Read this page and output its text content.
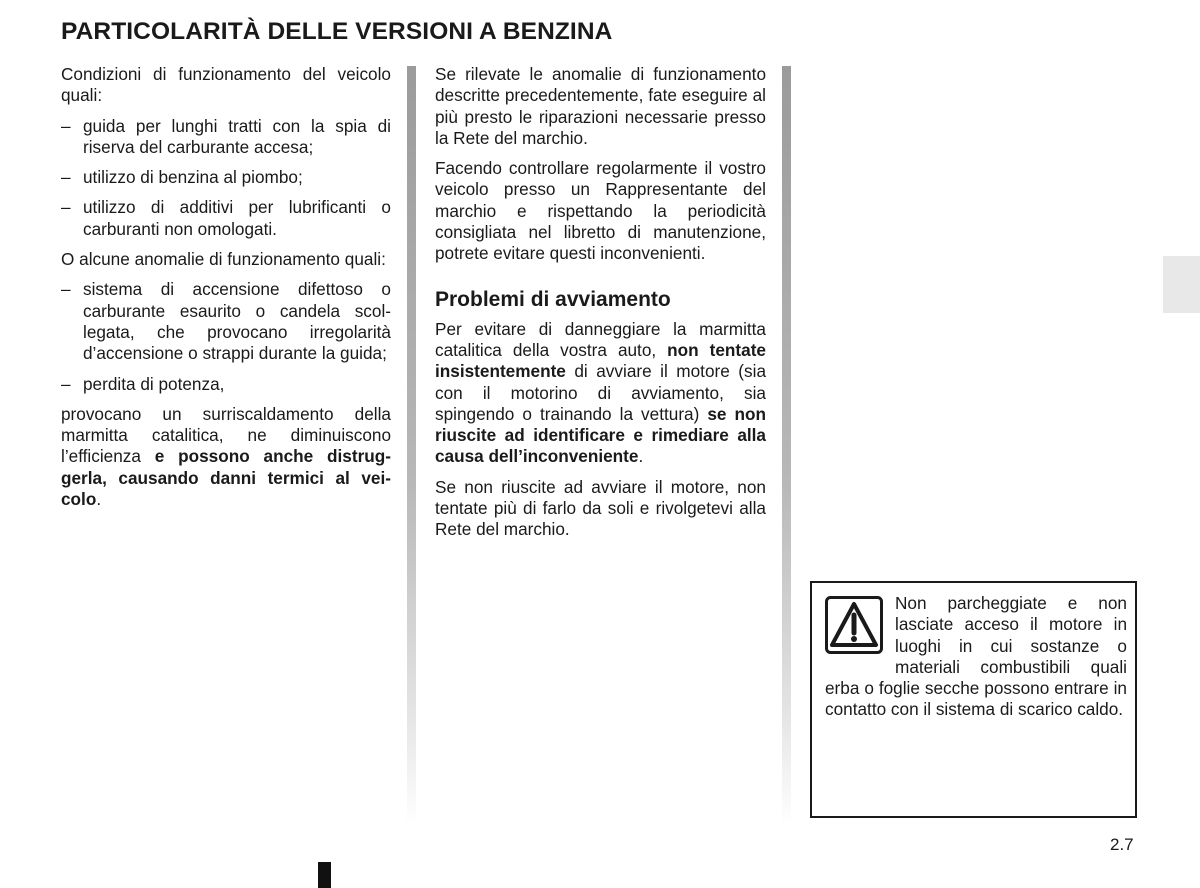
PARTICOLARITÀ DELLE VERSIONI A BENZINA

Condizioni di funzionamento del veicolo quali:

– guida per lunghi tratti con la spia di riserva del carburante accesa;
– utilizzo di benzina al piombo;
– utilizzo di additivi per lubrificanti o carburanti non omologati.

O alcune anomalie di funzionamento quali:

– sistema di accensione difettoso o carburante esaurito o candela scollegata, che provocano irregolarità d’accensione o strappi durante la guida;
– perdita di potenza,

provocano un surriscaldamento della marmitta catalitica, ne diminuiscono l’efficienza e possono anche distruggerla, causando danni termici al veicolo.

Se rilevate le anomalie di funzionamento descritte precedentemente, fate eseguire al più presto le riparazioni necessarie presso la Rete del marchio.

Facendo controllare regolarmente il vostro veicolo presso un Rappresentante del marchio e rispettando la periodicità consigliata nel libretto di manutenzione, potrete evitare questi inconvenienti.

Problemi di avviamento

Per evitare di danneggiare la marmitta catalitica della vostra auto, non tentate insistentemente di avviare il motore (sia con il motorino di avviamento, sia spingendo o trainando la vettura) se non riuscite ad identificare e rimediare alla causa dell’inconveniente.

Se non riuscite ad avviare il motore, non tentate più di farlo da soli e rivolgetevi alla Rete del marchio.

Non parcheggiate e non lasciate acceso il motore in luoghi in cui sostanze o materiali combustibili quali erba o foglie secche possono entrare in contatto con il sistema di scarico caldo.
2.7
